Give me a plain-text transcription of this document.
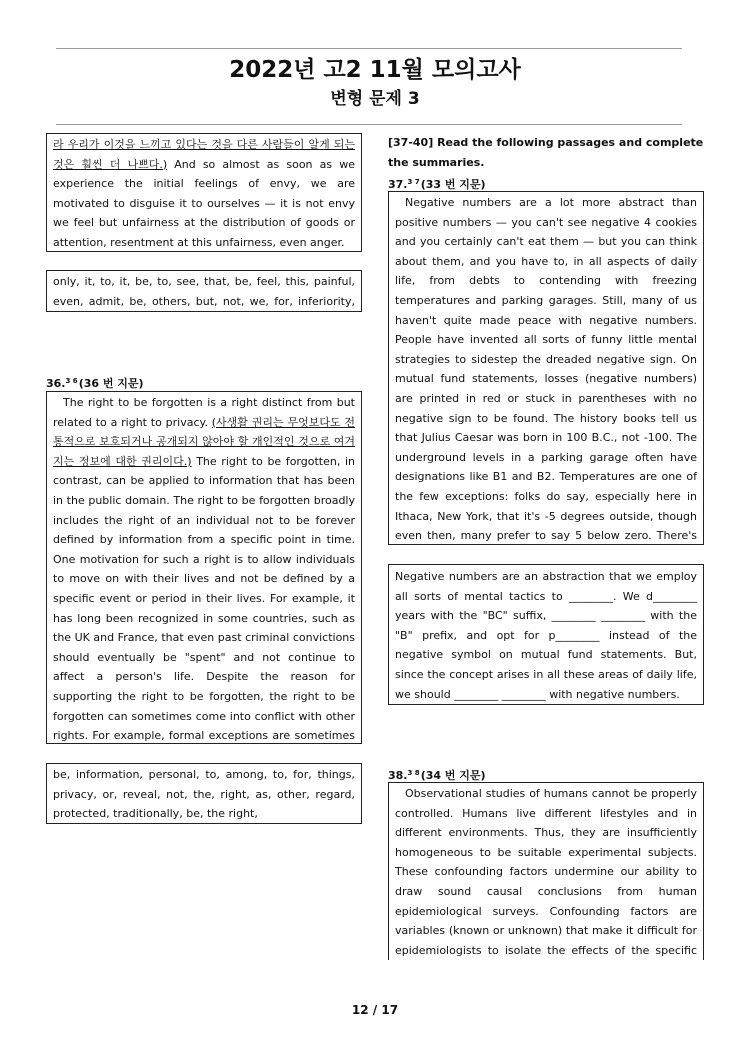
2022년 고2 11월 모의고사
변형 문제 3
라 우리가 이것을 느끼고 있다는 것을 다른 사람들이 알게 되는 것은 훨씬 더 나쁘다.) And so almost as soon as we experience the initial feelings of envy, we are motivated to disguise it to ourselves — it is not envy we feel but unfairness at the distribution of goods or attention, resentment at this unfairness, even anger.
only, it, to, it, be, to, see, that, be, feel, this, painful, even, admit, be, others, but, not, we, for, inferiority,
36.$^{3 6}$(36 번 지문)
The right to be forgotten is a right distinct from but related to a right to privacy. (사생활 권리는 무엇보다도 전통적으로 보호되거나 공개되지 않아야 할 개인적인 것으로 여겨지는 정보에 대한 권리이다.) The right to be forgotten, in contrast, can be applied to information that has been in the public domain. The right to be forgotten broadly includes the right of an individual not to be forever defined by information from a specific point in time. One motivation for such a right is to allow individuals to move on with their lives and not be defined by a specific event or period in their lives. For example, it has long been recognized in some countries, such as the UK and France, that even past criminal convictions should eventually be "spent" and not continue to affect a person's life. Despite the reason for supporting the right to be forgotten, the right to be forgotten can sometimes come into conflict with other rights. For example, formal exceptions are sometimes
be, information, personal, to, among, to, for, things, privacy, or, reveal, not, the, right, as, other, regard, protected, traditionally, be, the right,
[37-40] Read the following passages and complete the summaries.
37.$^{3 7}$(33 번 지문)
Negative numbers are a lot more abstract than positive numbers — you can't see negative 4 cookies and you certainly can't eat them — but you can think about them, and you have to, in all aspects of daily life, from debts to contending with freezing temperatures and parking garages. Still, many of us haven't quite made peace with negative numbers. People have invented all sorts of funny little mental strategies to sidestep the dreaded negative sign. On mutual fund statements, losses (negative numbers) are printed in red or stuck in parentheses with no negative sign to be found. The history books tell us that Julius Caesar was born in 100 B.C., not -100. The underground levels in a parking garage often have designations like B1 and B2. Temperatures are one of the few exceptions: folks do say, especially here in Ithaca, New York, that it's -5 degrees outside, though even then, many prefer to say 5 below zero. There's
Negative numbers are an abstraction that we employ all sorts of mental tactics to ________. We d________ years with the "BC" suffix, ________ ________ with the "B" prefix, and opt for p________ instead of the negative symbol on mutual fund statements. But, since the concept arises in all these areas of daily life, we should ________ ________ with negative numbers.
38.$^{3 8}$(34 번 지문)
Observational studies of humans cannot be properly controlled. Humans live different lifestyles and in different environments. Thus, they are insufficiently homogeneous to be suitable experimental subjects. These confounding factors undermine our ability to draw sound causal conclusions from human epidemiological surveys. Confounding factors are variables (known or unknown) that make it difficult for epidemiologists to isolate the effects of the specific
12 / 17
